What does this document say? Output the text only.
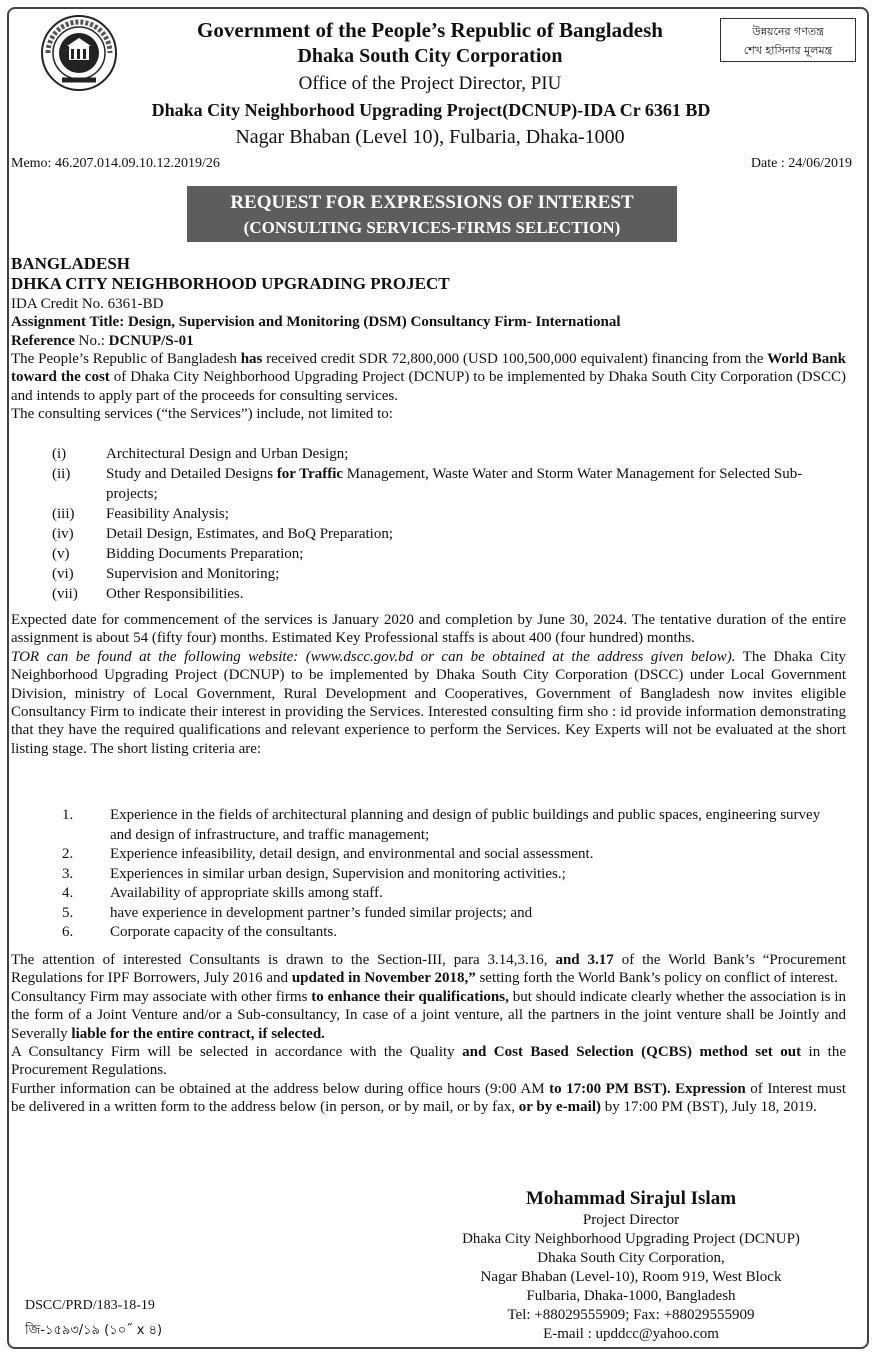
উন্নয়নের গণতন্ত্র
শেখ হাসিনার মূলমন্ত্র
Government of the People’s Republic of Bangladesh
Dhaka South City Corporation
Office of the Project Director, PIU
Dhaka City Neighborhood Upgrading Project(DCNUP)-IDA Cr 6361 BD
Nagar Bhaban (Level 10), Fulbaria, Dhaka-1000
Memo: 46.207.014.09.10.12.2019/26	Date : 24/06/2019
REQUEST FOR EXPRESSIONS OF INTEREST
(CONSULTING SERVICES-FIRMS SELECTION)
BANGLADESH
DHKA CITY NEIGHBORHOOD UPGRADING PROJECT
IDA Credit No. 6361-BD
Assignment Title: Design, Supervision and Monitoring (DSM) Consultancy Firm- International
Reference No.: DCNUP/S-01
The People’s Republic of Bangladesh has received credit SDR 72,800,000 (USD 100,500,000 equivalent) financing from the World Bank toward the cost of Dhaka City Neighborhood Upgrading Project (DCNUP) to be implemented by Dhaka South City Corporation (DSCC) and intends to apply part of the proceeds for consulting services.
The consulting services (“the Services”) include, not limited to:
(i)	Architectural Design and Urban Design;
(ii) Study and Detailed Designs for Traffic Management, Waste Water and Storm Water Management for Selected Sub-projects;
(iii) Feasibility Analysis;
(iv) Detail Design, Estimates, and BoQ Preparation;
(v) Bidding Documents Preparation;
(vi) Supervision and Monitoring;
(vii) Other Responsibilities.
Expected date for commencement of the services is January 2020 and completion by June 30, 2024. The tentative duration of the entire assignment is about 54 (fifty four) months. Estimated Key Professional staffs is about 400 (four hundred) months.
TOR can be found at the following website: (www.dscc.gov.bd or can be obtained at the address given below). The Dhaka City Neighborhood Upgrading Project (DCNUP) to be implemented by Dhaka South City Corporation (DSCC) under Local Government Division, ministry of Local Government, Rural Development and Cooperatives, Government of Bangladesh now invites eligible Consultancy Firm to indicate their interest in providing the Services. Interested consulting firm sho : id provide information demonstrating that they have the required qualifications and relevant experience to perform the Services. Key Experts will not be evaluated at the short listing stage. The short listing criteria are:
1. Experience in the fields of architectural planning and design of public buildings and public spaces, engineering survey and design of infrastructure, and traffic management;
2. Experience infeasibility, detail design, and environmental and social assessment.
3. Experiences in similar urban design, Supervision and monitoring activities.;
4. Availability of appropriate skills among staff.
5. have experience in development partner’s funded similar projects; and
6. Corporate capacity of the consultants.
The attention of interested Consultants is drawn to the Section-III, para 3.14,3.16, and 3.17 of the World Bank’s “Procurement Regulations for IPF Borrowers, July 2016 and updated in November 2018,” setting forth the World Bank’s policy on conflict of interest.
Consultancy Firm may associate with other firms to enhance their qualifications, but should indicate clearly whether the association is in the form of a Joint Venture and/or a Sub-consultancy, In case of a joint venture, all the partners in the joint venture shall be Jointly and Severally liable for the entire contract, if selected.
A Consultancy Firm will be selected in accordance with the Quality and Cost Based Selection (QCBS) method set out in the Procurement Regulations.
Further information can be obtained at the address below during office hours (9:00 AM to 17:00 PM BST). Expression of Interest must be delivered in a written form to the address below (in person, or by mail, or by fax, or by e-mail) by 17:00 PM (BST), July 18, 2019.
Mohammad Sirajul Islam
Project Director
Dhaka City Neighborhood Upgrading Project (DCNUP)
Dhaka South City Corporation,
Nagar Bhaban (Level-10), Room 919, West Block
Fulbaria, Dhaka-1000, Bangladesh
Tel: +88029555909; Fax: +88029555909
E-mail : upddcc@yahoo.com
DSCC/PRD/183-18-19
জি-১৫৯৩/১৯ (১০˝ x ৪)
